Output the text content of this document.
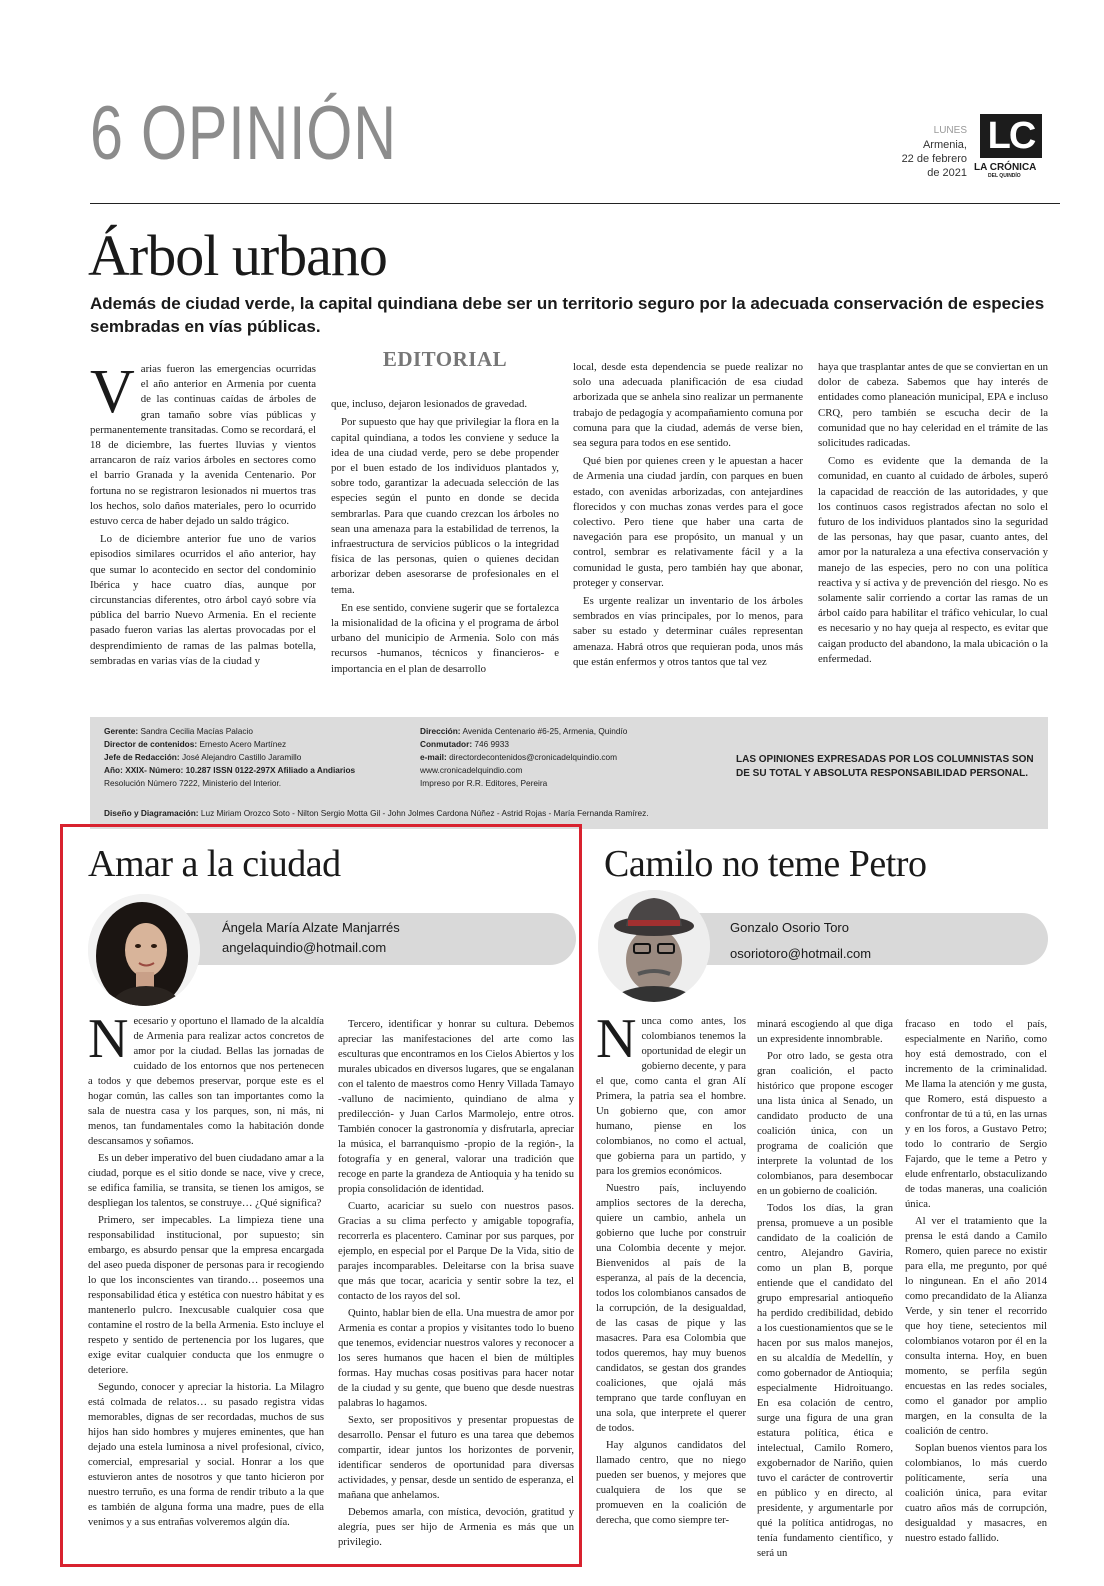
6 OPINIÓN	LUNES
Armenia,
22 de febrero
de 2021
LC
LA CRÓNICA
DEL QUINDÍO
Árbol urbano
Además de ciudad verde, la capital quindiana debe ser un territorio seguro por la adecuada conservación de especies sembradas en vías públicas.

Varias fueron las emergencias ocurridas el año anterior en Armenia por cuenta de las continuas caídas de árboles de gran tamaño sobre vías públicas y permanentemente transitadas. Como se recordará, el 18 de diciembre, las fuertes lluvias y vientos arrancaron de raíz varios árboles en sectores como el barrio Granada y la avenida Centenario. Por fortuna no se registraron lesionados ni muertos tras los hechos, solo daños materiales, pero lo ocurrido estuvo cerca de haber dejado un saldo trágico.

Lo de diciembre anterior fue uno de varios episodios similares ocurridos el año anterior, hay que sumar lo acontecido en sector del condominio Ibérica y hace cuatro días, aunque por circunstancias diferentes, otro árbol cayó sobre vía pública del barrio Nuevo Armenia. En el reciente pasado fueron varias las alertas provocadas por el desprendimiento de ramas de las palmas botella, sembradas en varias vías de la ciudad y

EDITORIAL

que, incluso, dejaron lesionados de gravedad.

Por supuesto que hay que privilegiar la flora en la capital quindiana, a todos les conviene y seduce la idea de una ciudad verde, pero se debe propender por el buen estado de los individuos plantados y, sobre todo, garantizar la adecuada selección de las especies según el punto en donde se decida sembrarlas. Para que cuando crezcan los árboles no sean una amenaza para la estabilidad de terrenos, la infraestructura de servicios públicos o la integridad física de las personas, quien o quienes decidan arborizar deben asesorarse de profesionales en el tema.

En ese sentido, conviene sugerir que se fortalezca la misionalidad de la oficina y el programa de árbol urbano del municipio de Armenia. Solo con más recursos -humanos, técnicos y financieros- e importancia en el plan de desarrollo

local, desde esta dependencia se puede realizar no solo una adecuada planificación de esa ciudad arborizada que se anhela sino realizar un permanente trabajo de pedagogía y acompañamiento comuna por comuna para que la ciudad, además de verse bien, sea segura para todos en ese sentido.

Qué bien por quienes creen y le apuestan a hacer de Armenia una ciudad jardín, con parques en buen estado, con avenidas arborizadas, con antejardines florecidos y con muchas zonas verdes para el goce colectivo. Pero tiene que haber una carta de navegación para ese propósito, un manual y un control, sembrar es relativamente fácil y a la comunidad le gusta, pero también hay que abonar, proteger y conservar.

Es urgente realizar un inventario de los árboles sembrados en vías principales, por lo menos, para saber su estado y determinar cuáles representan amenaza. Habrá otros que requieran poda, unos más que están enfermos y otros tantos que tal vez

haya que trasplantar antes de que se conviertan en un dolor de cabeza. Sabemos que hay interés de entidades como planeación municipal, EPA e incluso CRQ, pero también se escucha decir de la comunidad que no hay celeridad en el trámite de las solicitudes radicadas.

Como es evidente que la demanda de la comunidad, en cuanto al cuidado de árboles, superó la capacidad de reacción de las autoridades, y que los continuos casos registrados afectan no solo el futuro de los individuos plantados sino la seguridad de las personas, hay que pasar, cuanto antes, del amor por la naturaleza a una efectiva conservación y manejo de las especies, pero no con una política reactiva y sí activa y de prevención del riesgo. No es solamente salir corriendo a cortar las ramas de un árbol caído para habilitar el tráfico vehicular, lo cual es necesario y no hay queja al respecto, es evitar que caigan producto del abandono, la mala ubicación o la enfermedad.

Gerente: Sandra Cecilia Macías Palacio
Director de contenidos: Ernesto Acero Martínez
Jefe de Redacción: José Alejandro Castillo Jaramillo
Año: XXIX- Número: 10.287 ISSN 0122-297X Afiliado a Andiarios
Resolución Número 7222, Ministerio del Interior.
Dirección: Avenida Centenario #6-25, Armenia, Quindío
Conmutador: 746 9933
e-mail: directordecontenidos@cronicadelquindio.com
www.cronicadelquindio.com
Impreso por R.R. Editores, Pereira
LAS OPINIONES EXPRESADAS POR LOS COLUMNISTAS SON DE SU TOTAL Y ABSOLUTA RESPONSABILIDAD PERSONAL.
Diseño y Diagramación: Luz Miriam Orozco Soto - Nilton Sergio Motta Gil - John Jolmes Cardona Núñez - Astrid Rojas - María Fernanda Ramírez.
Amar a la ciudad
Ángela María Alzate Manjarrés
angelaquindio@hotmail.com

Necesario y oportuno el llamado de la alcaldía de Armenia para realizar actos concretos de amor por la ciudad. Bellas las jornadas de cuidado de los entornos que nos pertenecen a todos y que debemos preservar, porque este es el hogar común, las calles son tan importantes como la sala de nuestra casa y los parques, son, ni más, ni menos, tan fundamentales como la habitación donde descansamos y soñamos.

Es un deber imperativo del buen ciudadano amar a la ciudad, porque es el sitio donde se nace, vive y crece, se edifica familia, se transita, se tienen los amigos, se despliegan los talentos, se construye… ¿Qué significa?

Primero, ser impecables. La limpieza tiene una responsabilidad institucional, por supuesto; sin embargo, es absurdo pensar que la empresa encargada del aseo pueda disponer de personas para ir recogiendo lo que los inconscientes van tirando… poseemos una responsabilidad ética y estética con nuestro hábitat y es mantenerlo pulcro. Inexcusable cualquier cosa que contamine el rostro de la bella Armenia. Esto incluye el respeto y sentido de pertenencia por los lugares, que exige evitar cualquier conducta que los enmugre o deteriore.

Segundo, conocer y apreciar la historia. La Milagro está colmada de relatos… su pasado registra vidas memorables, dignas de ser recordadas, muchos de sus hijos han sido hombres y mujeres eminentes, que han dejado una estela luminosa a nivel profesional, cívico, comercial, empresarial y social. Honrar a los que estuvieron antes de nosotros y que tanto hicieron por nuestro terruño, es una forma de rendir tributo a la que es también de alguna forma una madre, pues de ella venimos y a sus entrañas volveremos algún día.

Tercero, identificar y honrar su cultura. Debemos apreciar las manifestaciones del arte como las esculturas que encontramos en los Cielos Abiertos y los murales ubicados en diversos lugares, que se engalanan con el talento de maestros como Henry Villada Tamayo -valluno de nacimiento, quindiano de alma y predilección- y Juan Carlos Marmolejo, entre otros. También conocer la gastronomía y disfrutarla, apreciar la música, el barranquismo -propio de la región-, la fotografía y en general, valorar una tradición que recoge en parte la grandeza de Antioquia y ha tenido su propia consolidación de identidad.

Cuarto, acariciar su suelo con nuestros pasos. Gracias a su clima perfecto y amigable topografía, recorrerla es placentero. Caminar por sus parques, por ejemplo, en especial por el Parque De la Vida, sitio de parajes incomparables. Deleitarse con la brisa suave que más que tocar, acaricia y sentir sobre la tez, el contacto de los rayos del sol.

Quinto, hablar bien de ella. Una muestra de amor por Armenia es contar a propios y visitantes todo lo bueno que tenemos, evidenciar nuestros valores y reconocer a los seres humanos que hacen el bien de múltiples formas. Hay muchas cosas positivas para hacer notar de la ciudad y su gente, que bueno que desde nuestras palabras lo hagamos.

Sexto, ser propositivos y presentar propuestas de desarrollo. Pensar el futuro es una tarea que debemos compartir, idear juntos los horizontes de porvenir, identificar senderos de oportunidad para diversas actividades, y pensar, desde un sentido de esperanza, el mañana que anhelamos.

Debemos amarla, con mística, devoción, gratitud y alegría, pues ser hijo de Armenia es más que un privilegio.

Camilo no teme Petro
Gonzalo Osorio Toro
osoriotoro@hotmail.com

Nunca como antes, los colombianos tenemos la oportunidad de elegir un gobierno decente, y para el que, como canta el gran Alí Primera, la patria sea el hombre. Un gobierno que, con amor humano, piense en los colombianos, no como el actual, que gobierna para un partido, y para los gremios económicos.

Nuestro país, incluyendo amplios sectores de la derecha, quiere un cambio, anhela un gobierno que luche por construir una Colombia decente y mejor. Bienvenidos al país de la esperanza, al país de la decencia, todos los colombianos cansados de la corrupción, de la desigualdad, de las casas de pique y las masacres. Para esa Colombia que todos queremos, hay muy buenos candidatos, se gestan dos grandes coaliciones, que ojalá más temprano que tarde confluyan en una sola, que interprete el querer de todos.

Hay algunos candidatos del llamado centro, que no niego pueden ser buenos, y mejores que cualquiera de los que se promueven en la coalición de derecha, que como siempre ter-

minará escogiendo al que diga un expresidente innombrable.

Por otro lado, se gesta otra gran coalición, el pacto histórico que propone escoger una lista única al Senado, un candidato producto de una coalición única, con un programa de coalición que interprete la voluntad de los colombianos, para desembocar en un gobierno de coalición.

Todos los días, la gran prensa, promueve a un posible candidato de la coalición de centro, Alejandro Gaviria, como un plan B, porque entiende que el candidato del grupo empresarial antioqueño ha perdido credibilidad, debido a los cuestionamientos que se le hacen por sus malos manejos, en su alcaldía de Medellín, y como gobernador de Antioquia; especialmente Hidroituango. En esa colación de centro, surge una figura de una gran estatura política, ética e intelectual, Camilo Romero, exgobernador de Nariño, quien tuvo el carácter de controvertir en público y en directo, al presidente, y argumentarle por qué la política antidrogas, no tenía fundamento científico, y será un

fracaso en todo el país, especialmente en Nariño, como hoy está demostrado, con el incremento de la criminalidad. Me llama la atención y me gusta, que Romero, está dispuesto a confrontar de tú a tú, en las urnas y en los foros, a Gustavo Petro; todo lo contrario de Sergio Fajardo, que le teme a Petro y elude enfrentarlo, obstaculizando de todas maneras, una coalición única.

Al ver el tratamiento que la prensa le está dando a Camilo Romero, quien parece no existir para ella, me pregunto, por qué lo ningunean. En el año 2014 como precandidato de la Alianza Verde, y sin tener el recorrido que hoy tiene, setecientos mil colombianos votaron por él en la consulta interna. Hoy, en buen momento, se perfila según encuestas en las redes sociales, como el ganador por amplio margen, en la consulta de la coalición de centro.

Soplan buenos vientos para los colombianos, lo más cuerdo políticamente, sería una coalición única, para evitar cuatro años más de corrupción, desigualdad y masacres, en nuestro estado fallido.
